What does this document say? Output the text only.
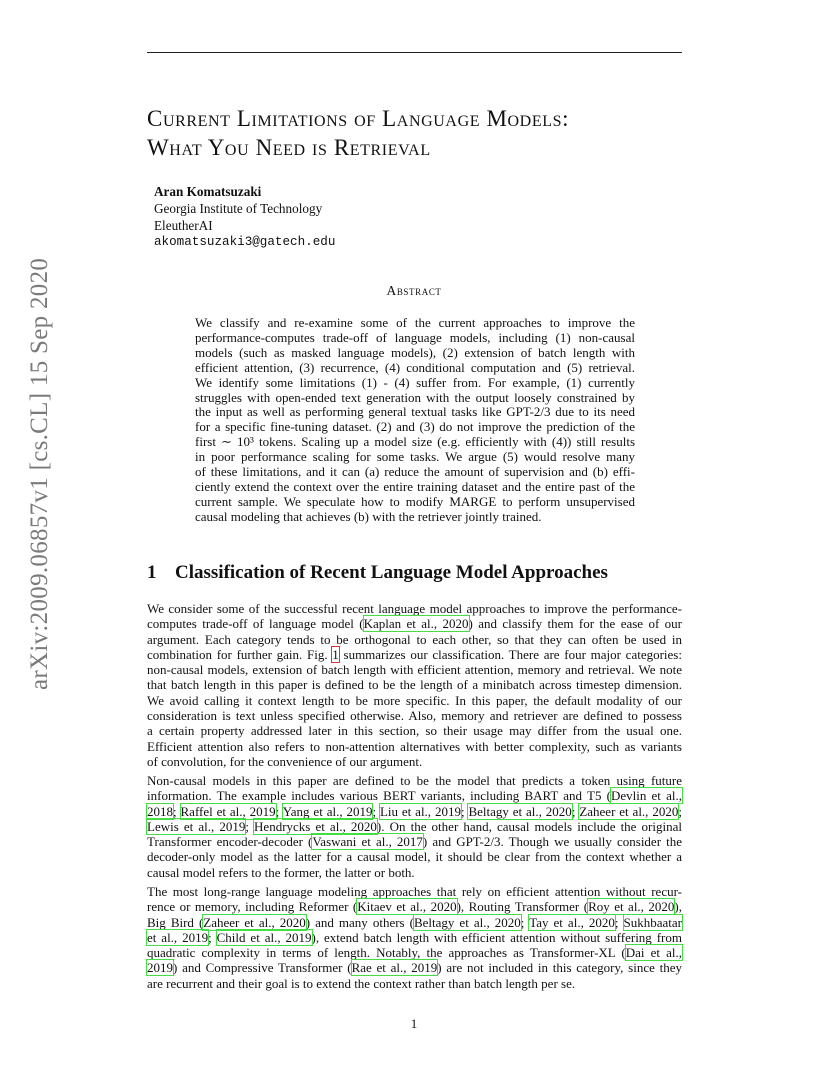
arXiv:2009.06857v1 [cs.CL] 15 Sep 2020
Current Limitations of Language Models:
What You Need is Retrieval
Aran Komatsuzaki
Georgia Institute of Technology
EleutherAI
akomatsuzaki3@gatech.edu
Abstract
We classify and re-examine some of the current approaches to improve the
performance-computes trade-off of language models, including (1) non-causal
models (such as masked language models), (2) extension of batch length with
efficient attention, (3) recurrence, (4) conditional computation and (5) retrieval.
We identify some limitations (1) - (4) suffer from. For example, (1) currently
struggles with open-ended text generation with the output loosely constrained by
the input as well as performing general textual tasks like GPT-2/3 due to its need
for a specific fine-tuning dataset. (2) and (3) do not improve the prediction of the
first ∼ 10³ tokens. Scaling up a model size (e.g. efficiently with (4)) still results
in poor performance scaling for some tasks. We argue (5) would resolve many
of these limitations, and it can (a) reduce the amount of supervision and (b) effi-
ciently extend the context over the entire training dataset and the entire past of the
current sample. We speculate how to modify MARGE to perform unsupervised
causal modeling that achieves (b) with the retriever jointly trained.
1 Classification of Recent Language Model Approaches
We consider some of the successful recent language model approaches to improve the performance-
computes trade-off of language model (Kaplan et al., 2020) and classify them for the ease of our
argument. Each category tends to be orthogonal to each other, so that they can often be used in
combination for further gain. Fig. 1 summarizes our classification. There are four major categories:
non-causal models, extension of batch length with efficient attention, memory and retrieval. We note
that batch length in this paper is defined to be the length of a minibatch across timestep dimension.
We avoid calling it context length to be more specific. In this paper, the default modality of our
consideration is text unless specified otherwise. Also, memory and retriever are defined to possess
a certain property addressed later in this section, so their usage may differ from the usual one.
Efficient attention also refers to non-attention alternatives with better complexity, such as variants
of convolution, for the convenience of our argument.
Non-causal models in this paper are defined to be the model that predicts a token using future
information. The example includes various BERT variants, including BART and T5 (Devlin et al.,
2018; Raffel et al., 2019; Yang et al., 2019; Liu et al., 2019; Beltagy et al., 2020; Zaheer et al., 2020;
Lewis et al., 2019; Hendrycks et al., 2020). On the other hand, causal models include the original
Transformer encoder-decoder (Vaswani et al., 2017) and GPT-2/3. Though we usually consider the
decoder-only model as the latter for a causal model, it should be clear from the context whether a
causal model refers to the former, the latter or both.
The most long-range language modeling approaches that rely on efficient attention without recur-
rence or memory, including Reformer (Kitaev et al., 2020), Routing Transformer (Roy et al., 2020),
Big Bird (Zaheer et al., 2020) and many others (Beltagy et al., 2020; Tay et al., 2020; Sukhbaatar
et al., 2019; Child et al., 2019), extend batch length with efficient attention without suffering from
quadratic complexity in terms of length. Notably, the approaches as Transformer-XL (Dai et al.,
2019) and Compressive Transformer (Rae et al., 2019) are not included in this category, since they
are recurrent and their goal is to extend the context rather than batch length per se.
1
